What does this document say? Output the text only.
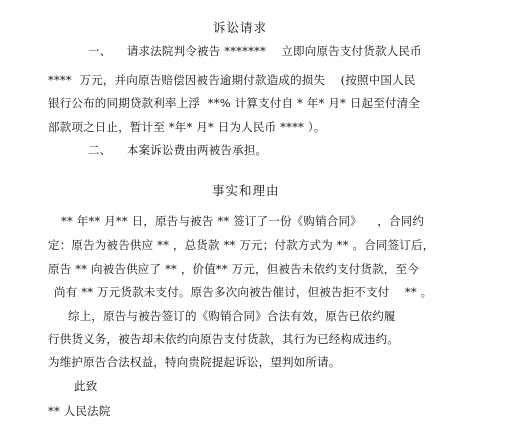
诉讼请求
一、    请求法院判令被告 *******    立即向原告支付货款人民币
****  万元，并向原告赔偿因被告逾期付款造成的损失    (按照中国人民
银行公布的同期贷款利率上浮  **% 计算支付自 * 年* 月* 日起至付清全
部款项之日止，暂计至 *年* 月* 日为人民币 **** ）。
二、    本案诉讼费由两被告承担。
事实和理由
** 年** 月** 日，原告与被告 ** 签订了一份《购销合同》    ，合同约
定：原告为被告供应 ** ，总货款 ** 万元；付款方式为 ** 。合同签订后，
原告 ** 向被告供应了 ** ，价值** 万元，但被告未依约支付货款，至今
尚有 ** 万元货款未支付。原告多次向被告催讨，但被告拒不支付    ** 。
综上，原告与被告签订的《购销合同》合法有效，原告已依约履
行供货义务，被告却未依约向原告支付货款，其行为已经构成违约。
为维护原告合法权益，特向贵院提起诉讼，望判如所请。
此致
** 人民法院
